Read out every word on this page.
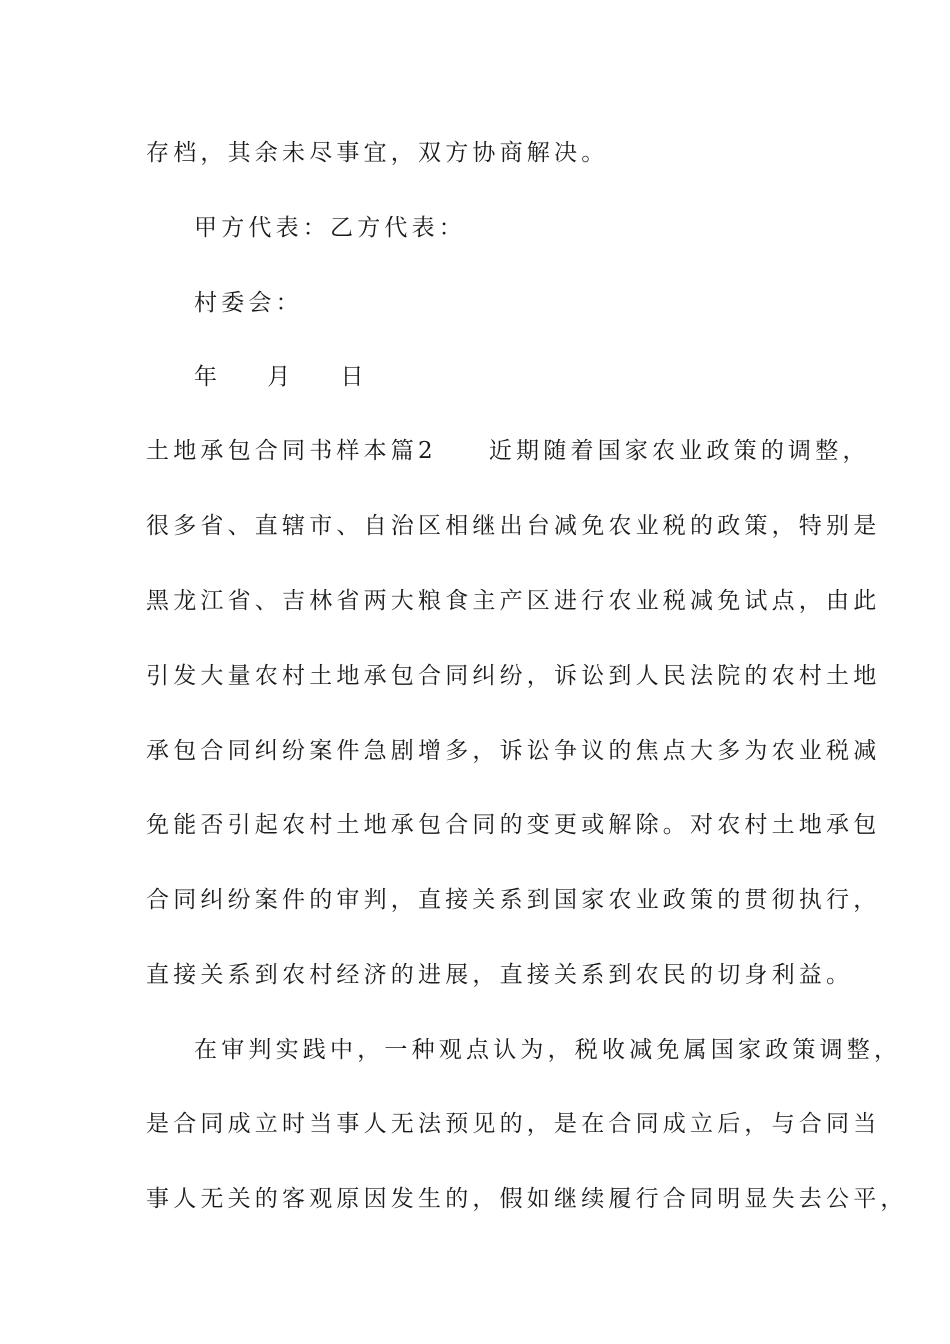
存档，其余未尽事宜，双方协商解决。
甲方代表：乙方代表：
村委会：
年    月    日
土地承包合同书样本篇2 近期随着国家农业政策的调整，
很多省、直辖市、自治区相继出台减免农业税的政策，特别是
黑龙江省、吉林省两大粮食主产区进行农业税减免试点，由此
引发大量农村土地承包合同纠纷，诉讼到人民法院的农村土地
承包合同纠纷案件急剧增多，诉讼争议的焦点大多为农业税减
免能否引起农村土地承包合同的变更或解除。对农村土地承包
合同纠纷案件的审判，直接关系到国家农业政策的贯彻执行，
直接关系到农村经济的进展，直接关系到农民的切身利益。
在审判实践中，一种观点认为，税收减免属国家政策调整，
是合同成立时当事人无法预见的，是在合同成立后，与合同当
事人无关的客观原因发生的，假如继续履行合同明显失去公平，
